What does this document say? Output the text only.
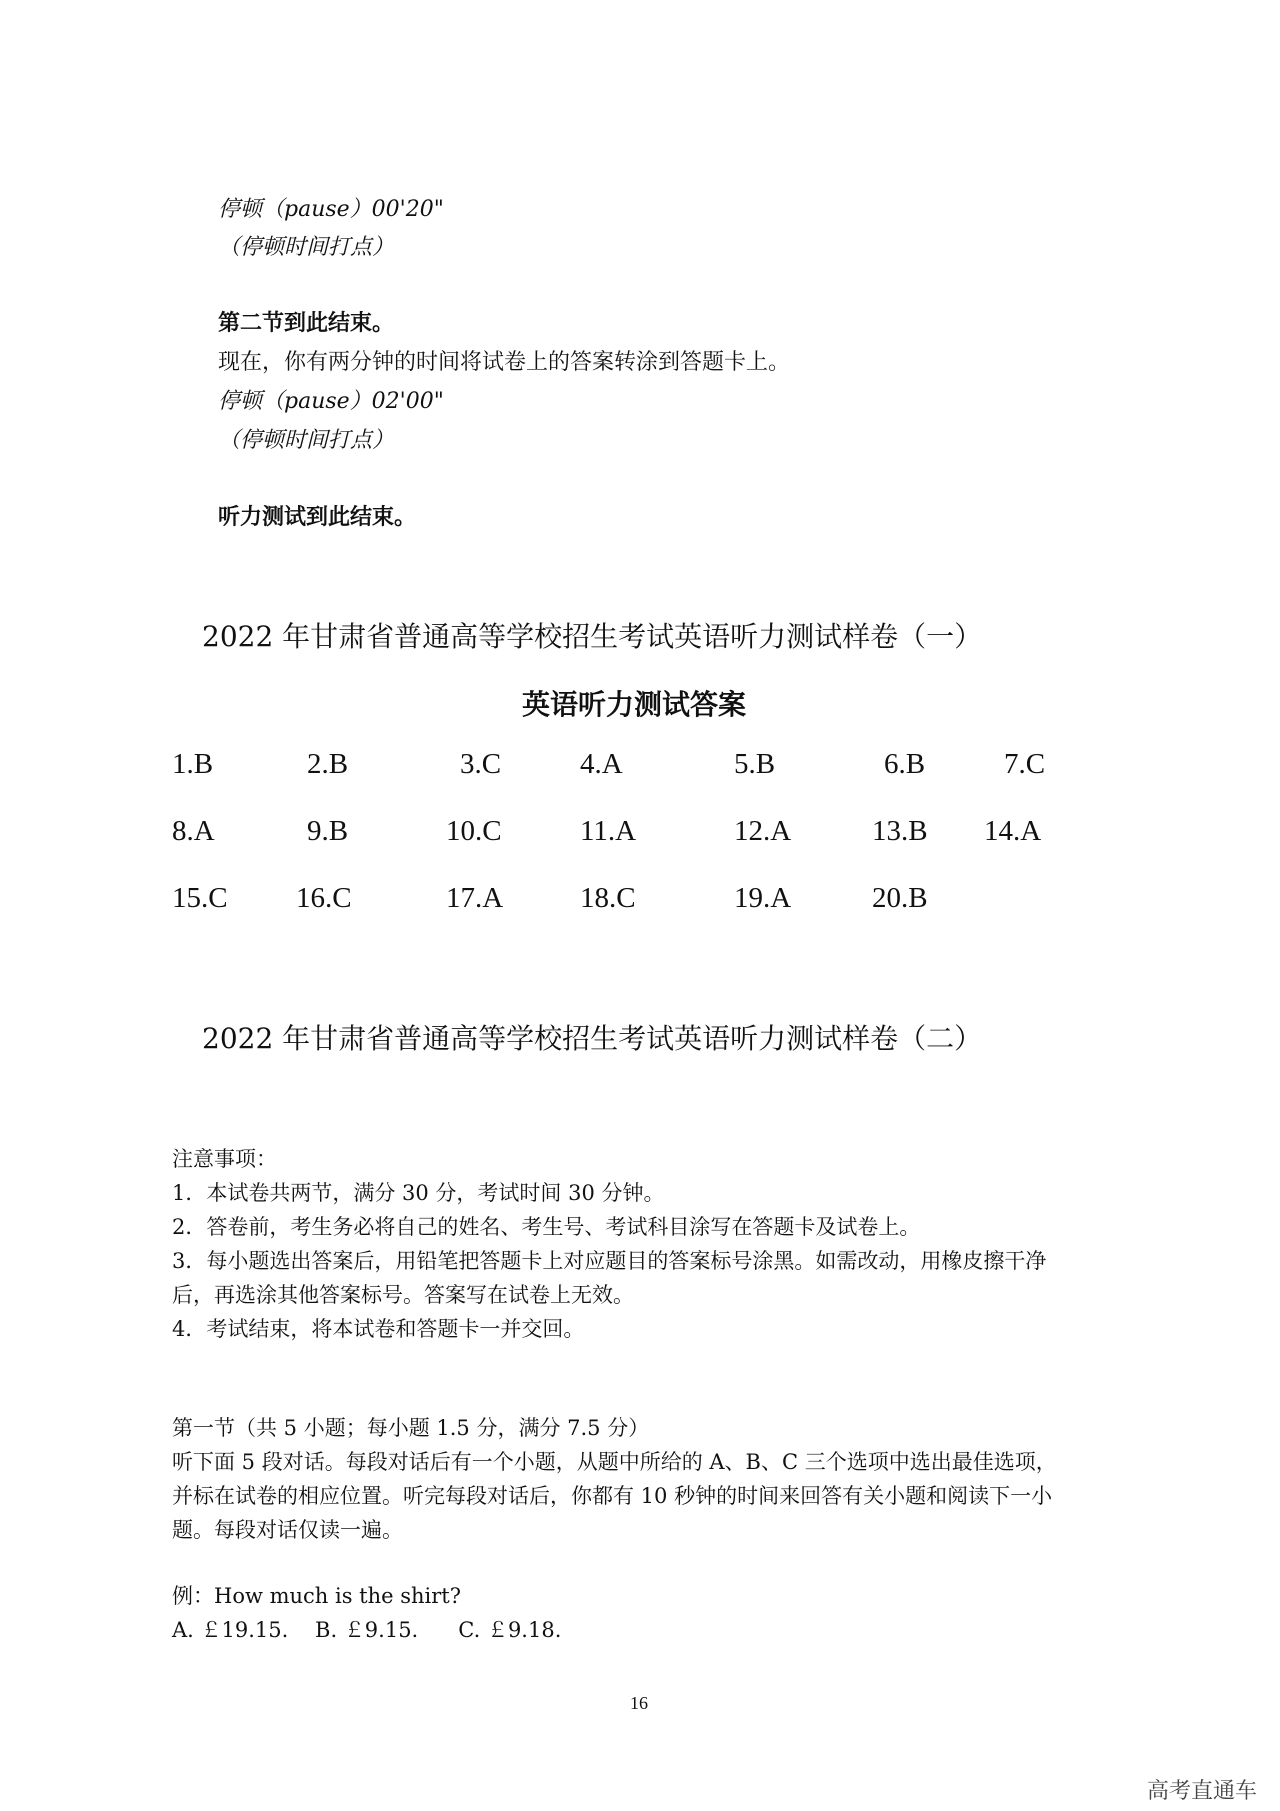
停顿（pause）00'20"
（停顿时间打点）
第二节到此结束。
现在，你有两分钟的时间将试卷上的答案转涂到答题卡上。
停顿（pause）02'00"
（停顿时间打点）
听力测试到此结束。
2022 年甘肃省普通高等学校招生考试英语听力测试样卷（一）
英语听力测试答案
1.B	2.B	3.C	4.A	5.B	6.B	7.C
8.A	9.B	10.C	11.A	12.A	13.B 14.A
15.C 16.C	17.A	18.C	19.A	20.B
2022 年甘肃省普通高等学校招生考试英语听力测试样卷（二）
注意事项：
1．本试卷共两节，满分 30 分，考试时间 30 分钟。
2．答卷前，考生务必将自己的姓名、考生号、考试科目涂写在答题卡及试卷上。
3．每小题选出答案后，用铅笔把答题卡上对应题目的答案标号涂黑。如需改动，用橡皮擦干净
后，再选涂其他答案标号。答案写在试卷上无效。
4．考试结束，将本试卷和答题卡一并交回。
第一节（共 5 小题；每小题 1.5 分，满分 7.5 分）
听下面 5 段对话。每段对话后有一个小题，从题中所给的 A、B、C 三个选项中选出最佳选项，
并标在试卷的相应位置。听完每段对话后，你都有 10 秒钟的时间来回答有关小题和阅读下一小
题。每段对话仅读一遍。
例：How much is the shirt?
A. ￡19.15.    B. ￡9.15.      C. ￡9.18.
16
高考直通车
